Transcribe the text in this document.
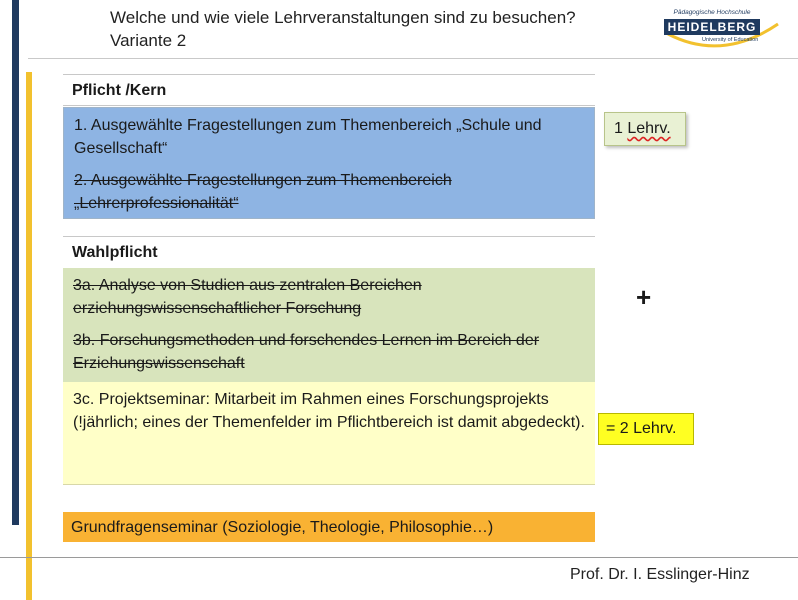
Welche und wie viele Lehrveranstaltungen sind zu besuchen?
Variante 2
Pädagogische Hochschule
HEIDELBERG
University of Education
Pflicht /Kern

1. Ausgewählte Fragestellungen zum Themenbereich „Schule und Gesellschaft“

2. Ausgewählte Fragestellungen zum Themenbereich „Lehrerprofessionalität“

Wahlpflicht

3a. Analyse von Studien aus zentralen Bereichen erziehungswissenschaftlicher Forschung

3b. Forschungsmethoden und forschendes Lernen im Bereich der Erziehungswissenschaft

3c. Projektseminar: Mitarbeit im Rahmen eines Forschungsprojekts

(!jährlich; eines der Themenfelder im Pflichtbereich ist damit abgedeckt).

Grundfragenseminar (Soziologie, Theologie, Philosophie…)
1 Lehrv.
+
= 2 Lehrv.
Prof. Dr. I. Esslinger-Hinz
